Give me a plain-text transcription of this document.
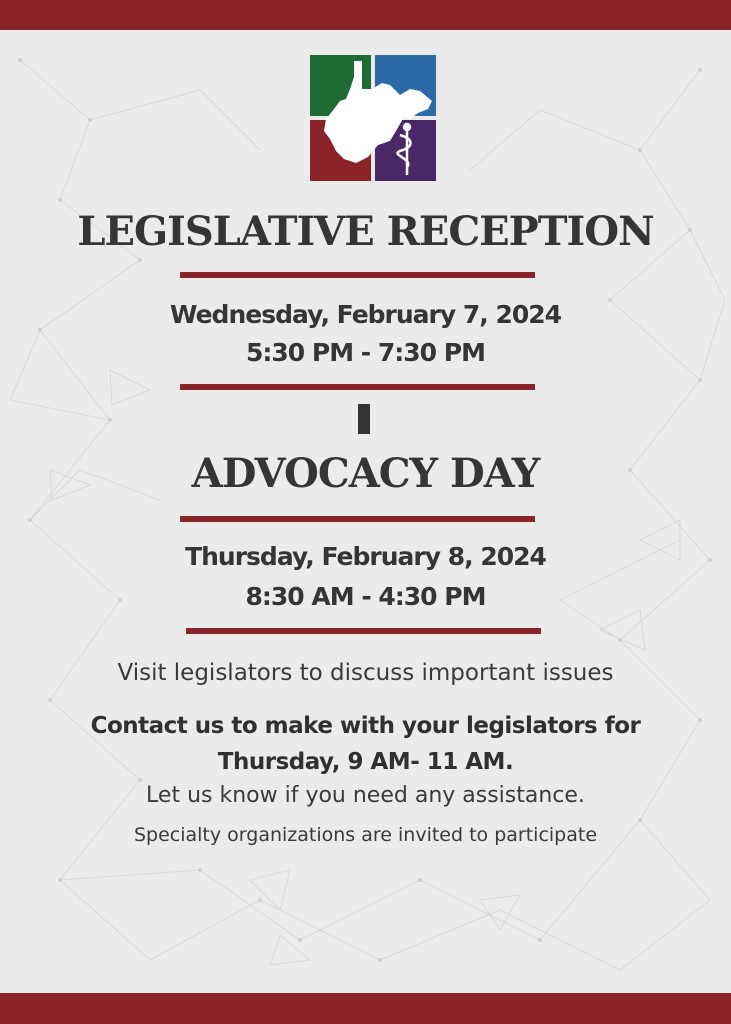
LEGISLATIVE RECEPTION
Wednesday, February 7, 2024
5:30 PM - 7:30 PM
ADVOCACY DAY
Thursday, February 8, 2024
8:30 AM - 4:30 PM
Visit legislators to discuss important issues
Contact us to make with your legislators for
Thursday, 9 AM- 11 AM.
Let us know if you need any assistance.
Specialty organizations are invited to participate
